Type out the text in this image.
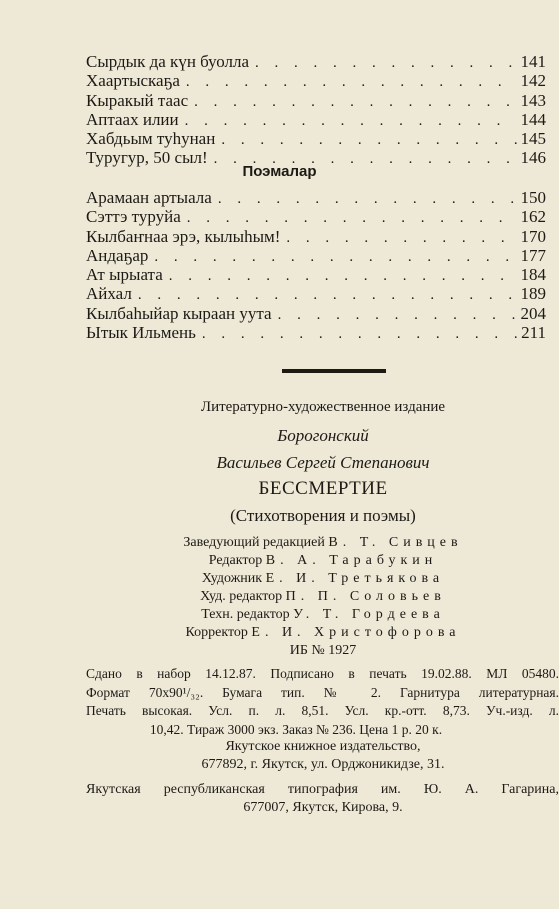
Сырдык да күн буолла . . .	141
Хаартыскаҕа . . .	142
Кыракый таас . . .	143
Аптаах илии . . .	144
Хабдьым туһунан . . .	145
Туругур, 50 сыл! . . .	146
Поэмалар
Арамаан артыала . . .	150
Сэттэ туруйа . . .	162
Кылбаҥнаа эрэ, кылыһым! . . .	170
Андаҕар . . .	177
Ат ырыата . . .	184
Айхал . . .	189
Кылбаһыйар кыраан уута . . .	204
Ытык Ильмень . . .	211
Литературно-художественное издание
Борогонский
Васильев Сергей Степанович
БЕССМЕРТИЕ
(Стихотворения и поэмы)
Заведующий редакцией В. Т. Сивцев
Редактор В. А. Тарабукин
Художник Е. И. Третьякова
Худ. редактор П. П. Соловьев
Техн. редактор У. Т. Гордеева
Корректор Е. И. Христофорова
ИБ № 1927
Сдано в набор 14.12.87. Подписано в печать 19.02.88. МЛ 05480.
Формат 70х90¹/₃₂. Бумага тип. № 2. Гарнитура литературная.
Печать высокая. Усл. п. л. 8,51. Усл. кр.-отт. 8,73. Уч.-изд. л.
10,42. Тираж 3000 экз. Заказ № 236. Цена 1 р. 20 к.
Якутское книжное издательство,
677892, г. Якутск, ул. Орджоникидзе, 31.
Якутская республиканская типография им. Ю. А. Гагарина,
677007, Якутск, Кирова, 9.
